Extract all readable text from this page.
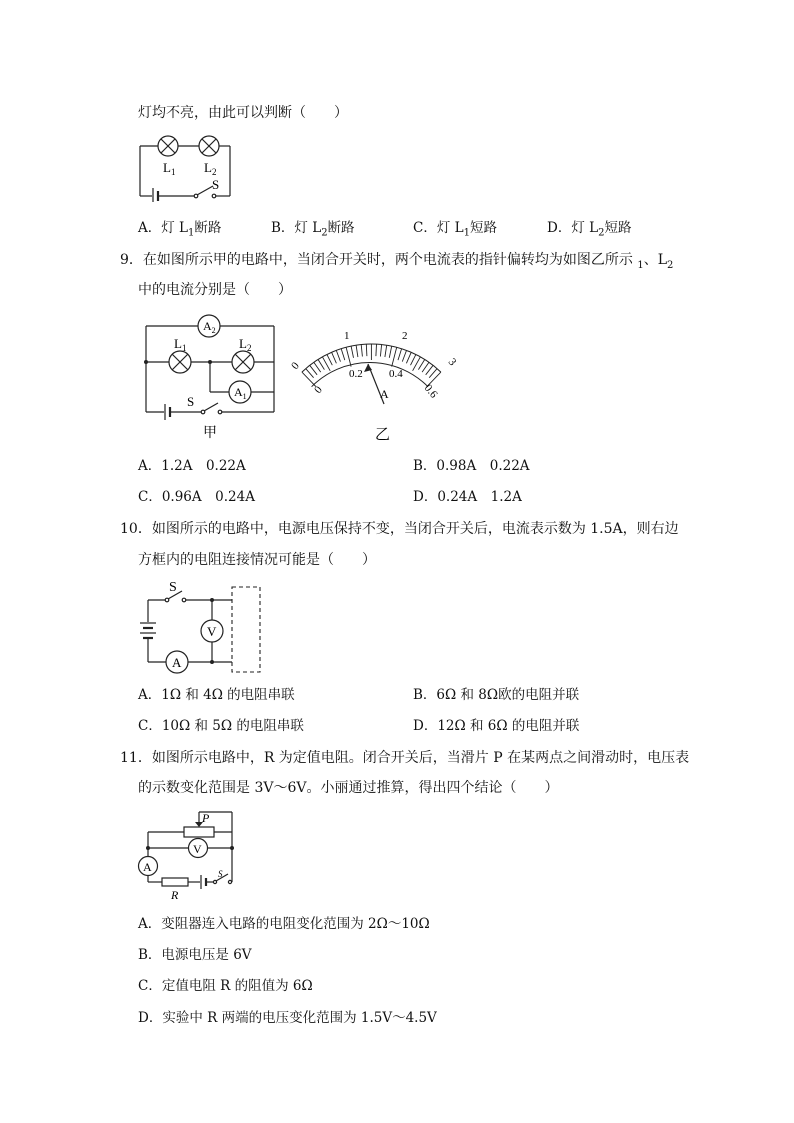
灯均不亮，由此可以判断（　　）
$L_1$ $L_2$
S
A．灯 $L_1$断路	B．灯 $L_2$断路	C．灯 $L_1$短路	D．灯 $L_2$短路
9．在如图所示甲的电路中，当闭合开关时，两个电流表的指针偏转均为如图乙所示 $_1$、$L_2$
中的电流分别是（　　）
$A_2$
$A_1$
$L_1$	$L_2$
S
甲
0
1	2
3
0
0.2 0.4
0.6
A
乙
A．1.2A　0.22A	B．0.98A　0.22A
C．0.96A　0.24A	D．0.24A　1.2A
10．如图所示的电路中，电源电压保持不变，当闭合开关后，电流表示数为 1.5A，则右边
方框内的电阻连接情况可能是（　　）
S
V
A
A．1Ω 和 4Ω 的电阻串联	B．6Ω 和 8Ω欧的电阻并联
C．10Ω 和 5Ω 的电阻串联	D．12Ω 和 6Ω 的电阻并联
11．如图所示电路中，R 为定值电阻。闭合开关后，当滑片 P 在某两点之间滑动时，电压表
的示数变化范围是 3V～6V。小丽通过推算，得出四个结论（　　）
P
V
A
R
S
A．变阻器连入电路的电阻变化范围为 2Ω～10Ω
B．电源电压是 6V
C．定值电阻 R 的阻值为 6Ω
D．实验中 R 两端的电压变化范围为 1.5V～4.5V
